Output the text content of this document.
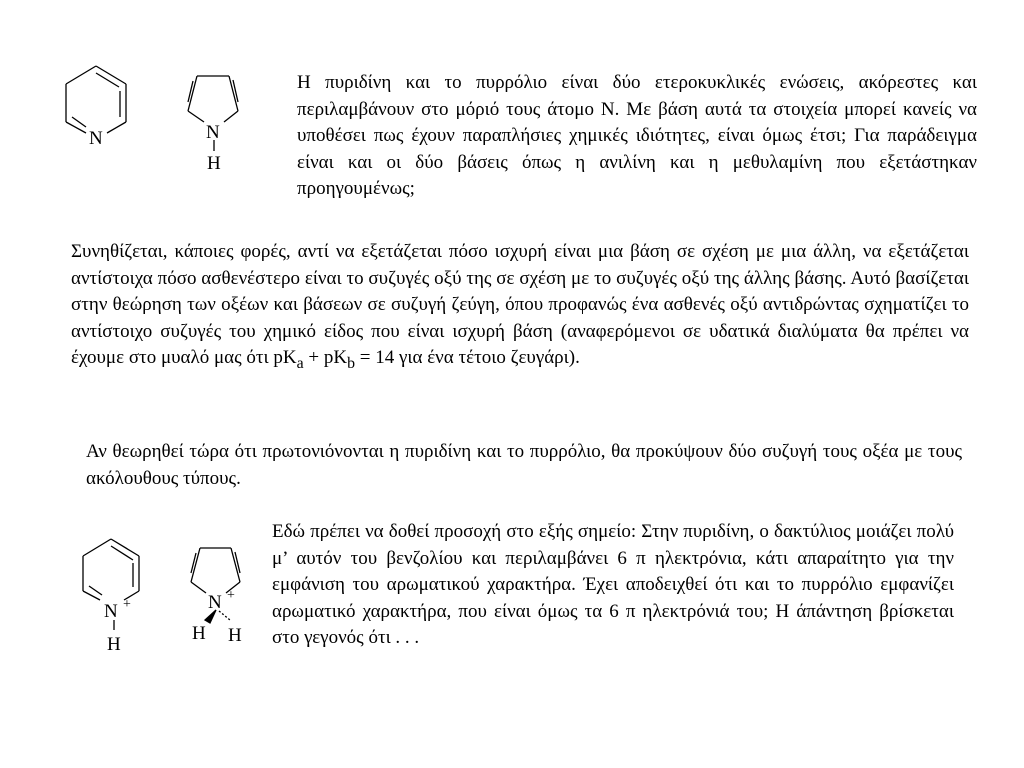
N	N
H

Η πυριδίνη και το πυρρόλιο είναι δύο ετεροκυκλικές ενώσεις, ακόρεστες και περιλαμβάνουν στο μόριό τους άτομο N. Με βάση αυτά τα στοιχεία μπορεί κανείς να υποθέσει πως έχουν παραπλήσιες χημικές ιδιότητες, είναι όμως έτσι; Για παράδειγμα είναι και οι δύο βάσεις όπως η ανιλίνη και η μεθυλαμίνη που εξετάστηκαν προηγουμένως;

Συνηθίζεται, κάποιες φορές, αντί να εξετάζεται πόσο ισχυρή είναι μια βάση σε σχέση με μια άλλη, να εξετάζεται αντίστοιχα πόσο ασθενέστερο είναι το συζυγές οξύ της σε σχέση με το συζυγές οξύ της άλλης βάσης. Αυτό βασίζεται στην θεώρηση των οξέων και βάσεων σε συζυγή ζεύγη, όπου προφανώς ένα ασθενές οξύ αντιδρώντας σχηματίζει το αντίστοιχο συζυγές του χημικό είδος που είναι ισχυρή βάση (αναφερόμενοι σε υδατικά διαλύματα θα πρέπει να έχουμε στο μυαλό μας ότι $pK_a + pK_b = 14$ για ένα τέτοιο ζευγάρι).

Αν θεωρηθεί τώρα ότι πρωτονιόνονται η πυριδίνη και το πυρρόλιο, θα προκύψουν δύο συζυγή τους οξέα με τους ακόλουθους τύπους.

N +
H
N +
H H

Εδώ πρέπει να δοθεί προσοχή στο εξής σημείο: Στην πυριδίνη, ο δακτύλιος μοιάζει πολύ μ’ αυτόν του βενζολίου και περιλαμβάνει 6 π ηλεκτρόνια, κάτι απαραίτητο για την εμφάνιση του αρωματικού χαρακτήρα. Έχει αποδειχθεί ότι και το πυρρόλιο εμφανίζει αρωματικό χαρακτήρα, που είναι όμως τα 6 π ηλεκτρόνιά του; Η άπάντηση βρίσκεται στο γεγονός ότι . . .
